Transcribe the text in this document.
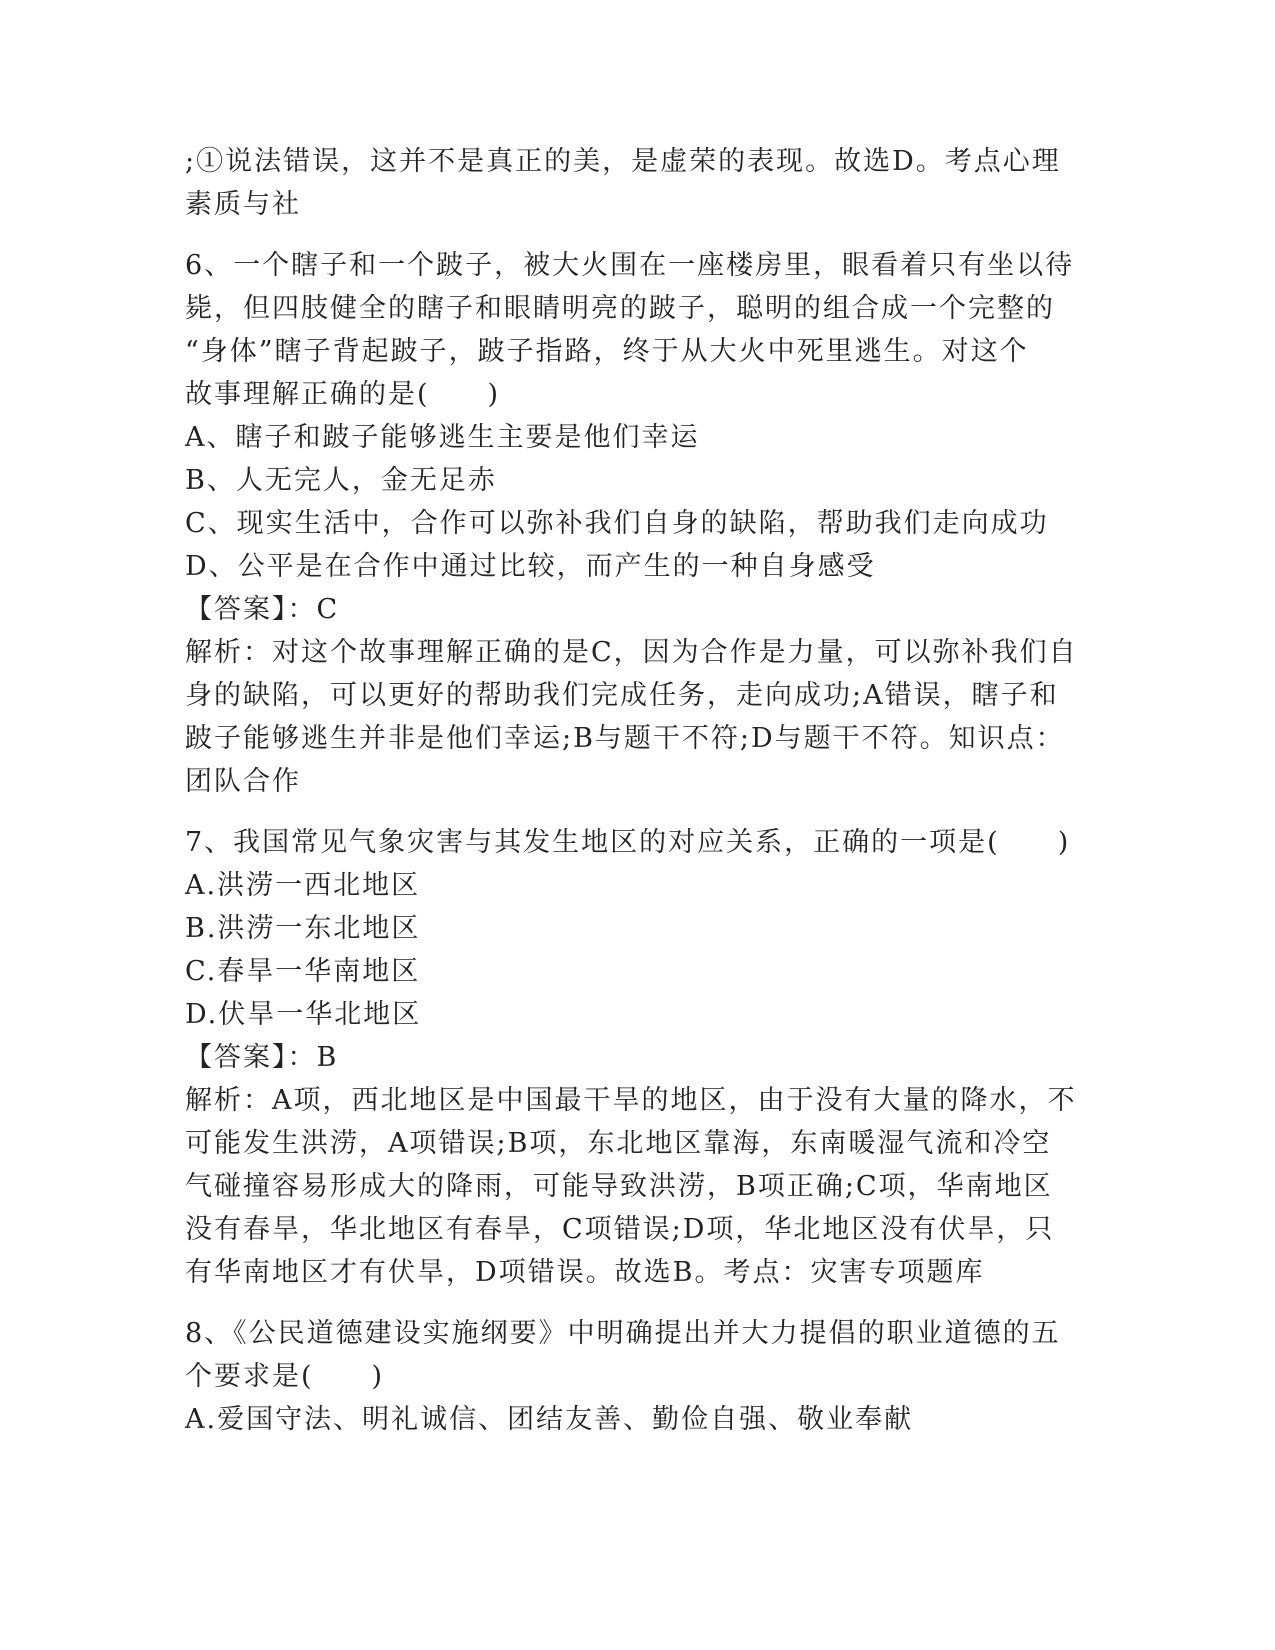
;①说法错误，这并不是真正的美，是虚荣的表现。故选D。考点心理
素质与社
6、一个瞎子和一个跛子，被大火围在一座楼房里，眼看着只有坐以待
毙，但四肢健全的瞎子和眼睛明亮的跛子，聪明的组合成一个完整的
“身体”瞎子背起跛子，跛子指路，终于从大火中死里逃生。对这个
故事理解正确的是(　　)
A、瞎子和跛子能够逃生主要是他们幸运
B、人无完人，金无足赤
C、现实生活中，合作可以弥补我们自身的缺陷，帮助我们走向成功
D、公平是在合作中通过比较，而产生的一种自身感受
【答案】：C
解析：对这个故事理解正确的是C，因为合作是力量，可以弥补我们自
身的缺陷，可以更好的帮助我们完成任务，走向成功;A错误，瞎子和
跛子能够逃生并非是他们幸运;B与题干不符;D与题干不符。知识点：
团队合作
7、我国常见气象灾害与其发生地区的对应关系，正确的一项是(　　)
A.洪涝一西北地区
B.洪涝一东北地区
C.春旱一华南地区
D.伏旱一华北地区
【答案】：B
解析：A项，西北地区是中国最干旱的地区，由于没有大量的降水，不
可能发生洪涝，A项错误;B项，东北地区靠海，东南暖湿气流和冷空
气碰撞容易形成大的降雨，可能导致洪涝，B项正确;C项，华南地区
没有春旱，华北地区有春旱，C项错误;D项，华北地区没有伏旱，只
有华南地区才有伏旱，D项错误。故选B。考点：灾害专项题库
8、《公民道德建设实施纲要》中明确提出并大力提倡的职业道德的五
个要求是(　　)
A.爱国守法、明礼诚信、团结友善、勤俭自强、敬业奉献
